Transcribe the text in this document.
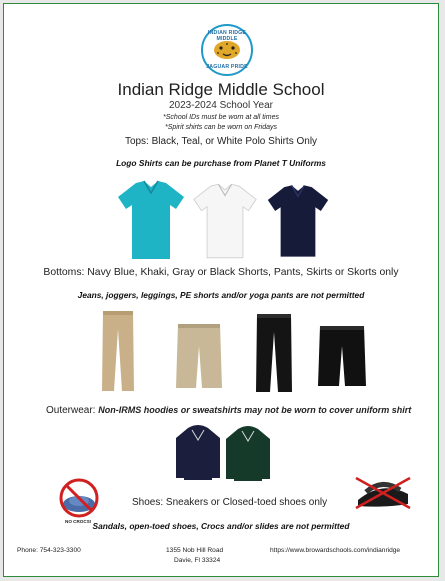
INDIAN RIDGE MIDDLE
JAGUAR PRIDE
Indian Ridge Middle School
2023-2024 School Year
*School IDs must be worn at all times
*Spirit shirts can be worn on Fridays
Tops: Black, Teal, or White Polo Shirts Only
Logo Shirts can be purchase from Planet T Uniforms
Bottoms: Navy Blue, Khaki, Gray or Black Shorts, Pants, Skirts or Skorts only
Jeans, joggers, leggings, PE shorts and/or yoga pants are not permitted
Outerwear: Non-IRMS hoodies or sweatshirts may not be worn to cover uniform shirt
NO CROCS!
Shoes: Sneakers or Closed-toed shoes only
Sandals, open-toed shoes, Crocs and/or slides are not permitted
Phone: 754-323-3300	1355 Nob Hill Road
Davie, Fl 33324
https://www.browardschools.com/indianridge
